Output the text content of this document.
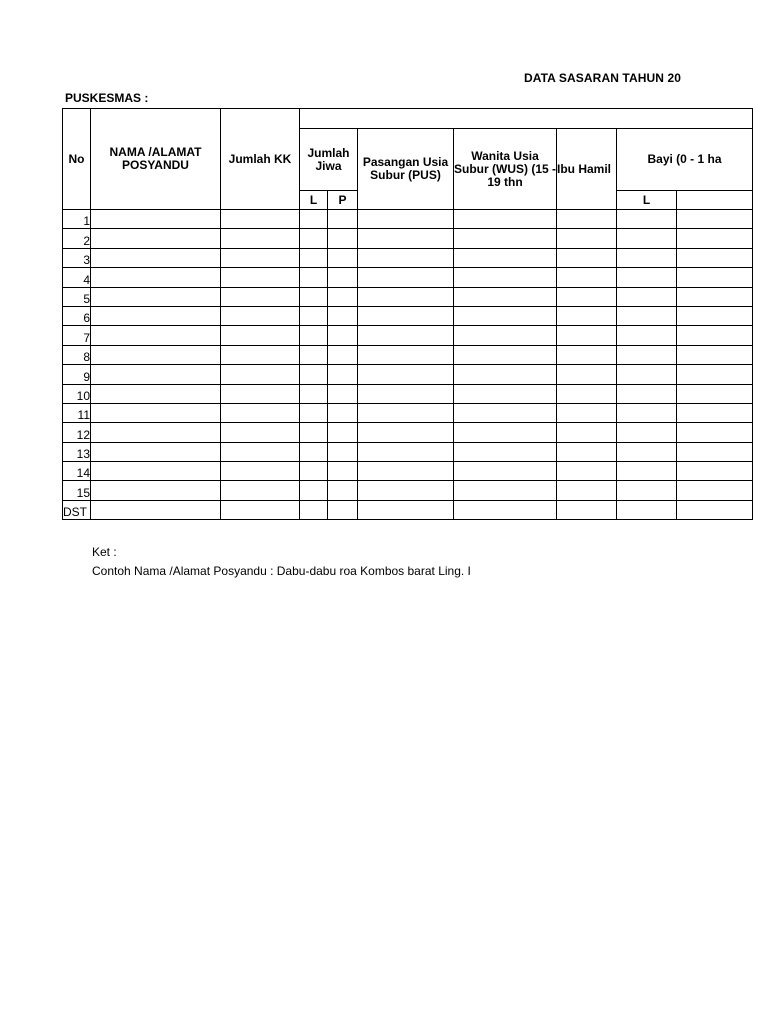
DATA SASARAN TAHUN 20
PUSKESMAS :
No	NAMA /ALAMAT POSYANDU	Jumlah KK								
			Jumlah Jiwa		Pasangan Usia Subur (PUS)	Wanita Usia Subur (WUS) (15 - 19 thn	Ibu Hamil	Bayi (0 - 1 ha		
			L	P				L		
1										
2										
3										
4										
5										
6										
7										
8										
9										
10										
11										
12										
13										
14										
15										
DST										
Ket :
Contoh Nama /Alamat Posyandu : Dabu-dabu roa Kombos barat Ling. I
